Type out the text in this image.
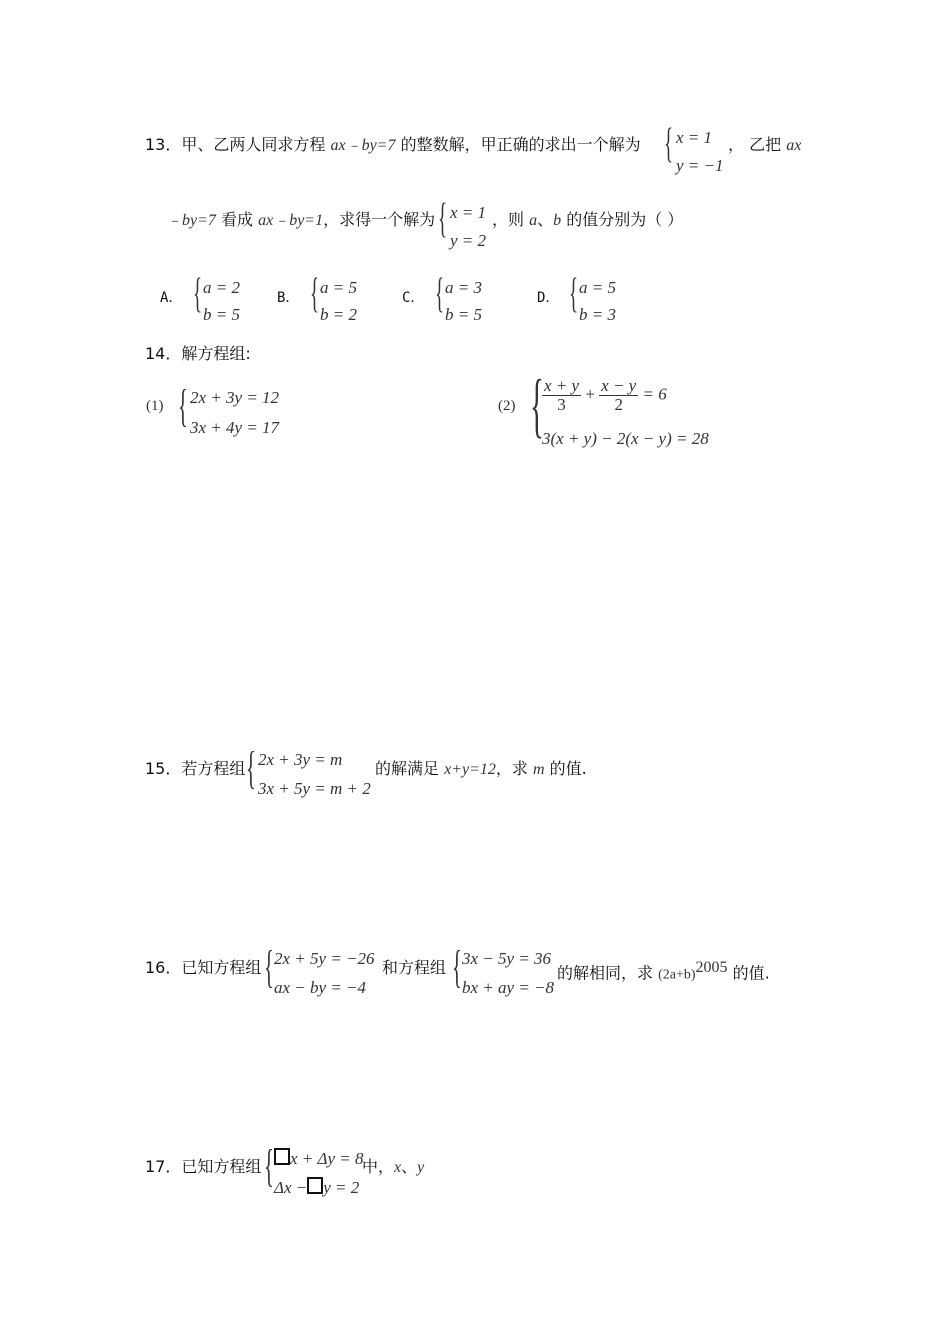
13．甲、乙两人同求方程 ax﹣by=7 的整数解，甲正确的求出一个解为 { x = 1
y = −1
， 乙把 ax
﹣by=7 看成 ax﹣by=1，求得一个解为 { x = 1
y = 2
，则 a、b 的值分别为（ ）
A． { a = 2
b = 5
B． { a = 5
b = 2
C． { a = 3
b = 5
D． { a = 5
b = 3
14．解方程组:
(1) { 2x + 3y = 12
3x + 4y = 17
(2) {
$\frac{x + y}{3} + \frac{x - y}{2} = 6$
3(x + y) − 2(x − y) = 28
15．若方程组 { 2x + 3y = m
3x + 5y = m + 2
的解满足 x+y=12，求 m 的值.
16．已知方程组 { 2x + 5y = −26
ax − by = −4
和方程组 { 3x − 5y = 36
bx + ay = −8
的解相同，求 $(2a+b)^{2005}$ 的值.
17．已知方程组 { x + Δy = 8
Δx − y = 2
中，x、y
